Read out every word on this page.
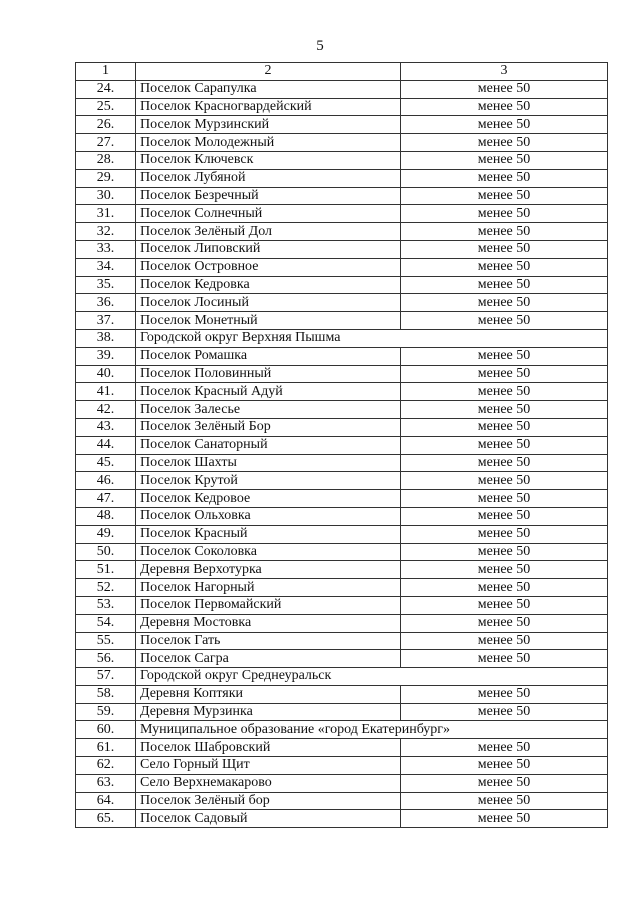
5
1	2	3
24.	Поселок Сарапулка	менее 50
25.	Поселок Красногвардейский	менее 50
26.	Поселок Мурзинский	менее 50
27.	Поселок Молодежный	менее 50
28.	Поселок Ключевск	менее 50
29.	Поселок Лубяной	менее 50
30.	Поселок Безречный	менее 50
31.	Поселок Солнечный	менее 50
32.	Поселок Зелёный Дол	менее 50
33.	Поселок Липовский	менее 50
34.	Поселок Островное	менее 50
35.	Поселок Кедровка	менее 50
36.	Поселок Лосиный	менее 50
37.	Поселок Монетный	менее 50
38.	Городской округ Верхняя Пышма	
39.	Поселок Ромашка	менее 50
40.	Поселок Половинный	менее 50
41.	Поселок Красный Адуй	менее 50
42.	Поселок Залесье	менее 50
43.	Поселок Зелёный Бор	менее 50
44.	Поселок Санаторный	менее 50
45.	Поселок Шахты	менее 50
46.	Поселок Крутой	менее 50
47.	Поселок Кедровое	менее 50
48.	Поселок Ольховка	менее 50
49.	Поселок Красный	менее 50
50.	Поселок Соколовка	менее 50
51.	Деревня Верхотурка	менее 50
52.	Поселок Нагорный	менее 50
53.	Поселок Первомайский	менее 50
54.	Деревня Мостовка	менее 50
55.	Поселок Гать	менее 50
56.	Поселок Сагра	менее 50
57.	Городской округ Среднеуральск	
58.	Деревня Коптяки	менее 50
59.	Деревня Мурзинка	менее 50
60.	Муниципальное образование «город Екатеринбург»	
61.	Поселок Шабровский	менее 50
62.	Село Горный Щит	менее 50
63.	Село Верхнемакарово	менее 50
64.	Поселок Зелёный бор	менее 50
65.	Поселок Садовый	менее 50
